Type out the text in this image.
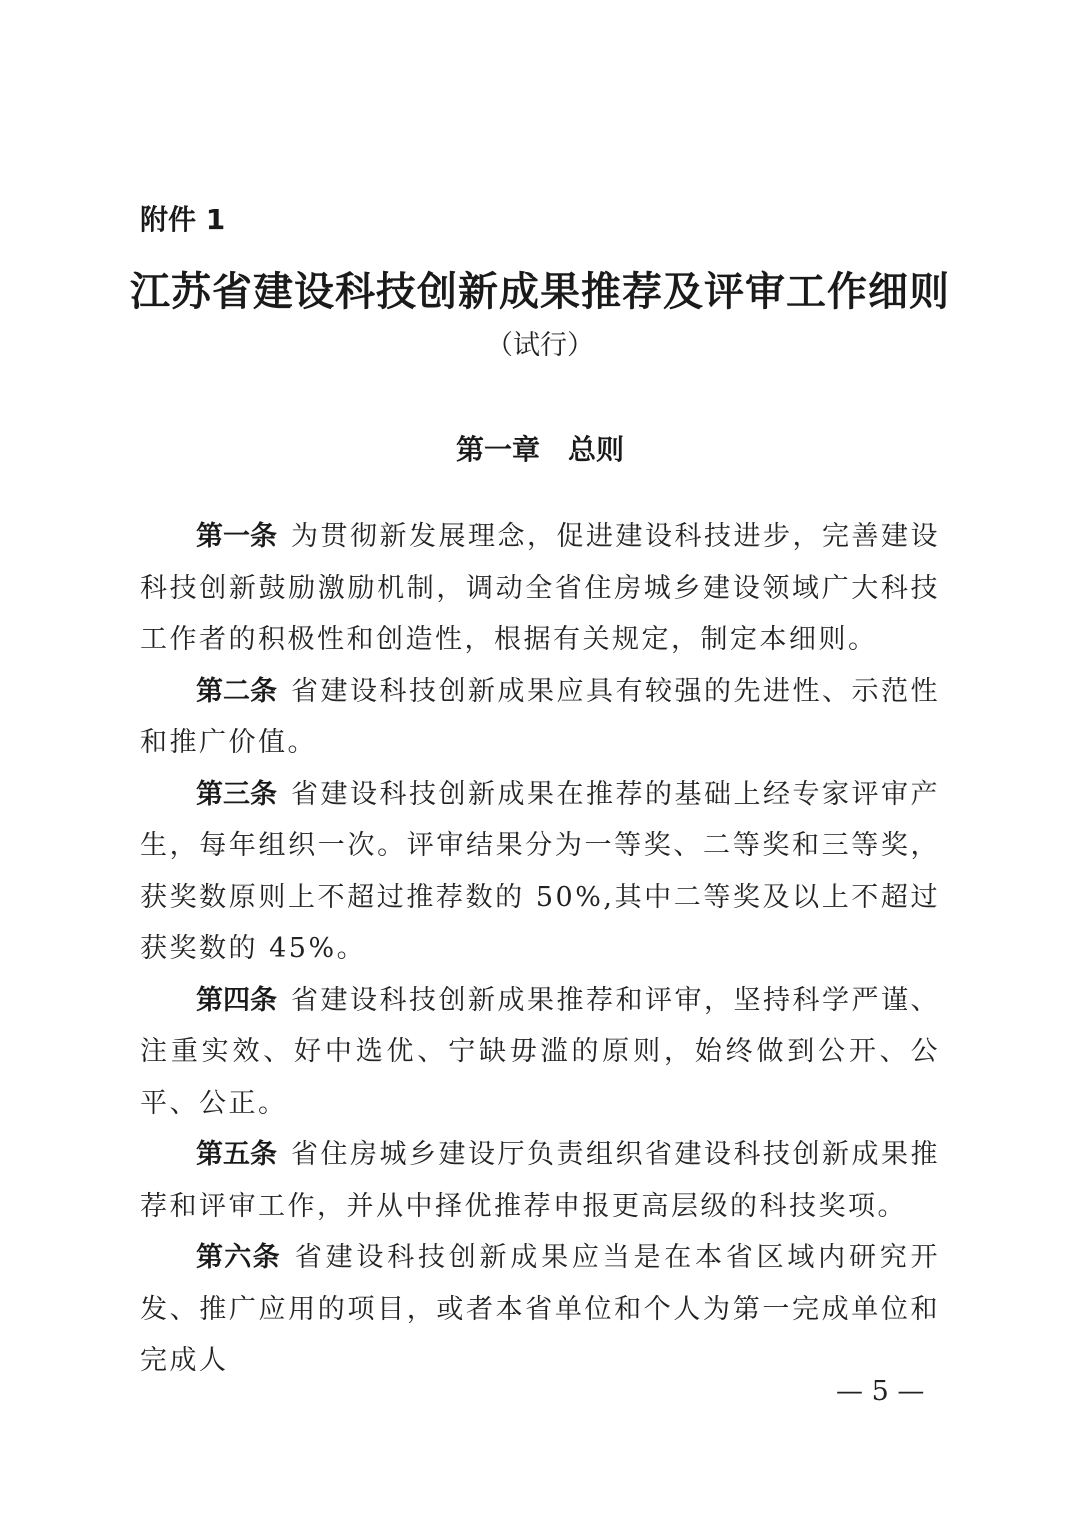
附件 1
江苏省建设科技创新成果推荐及评审工作细则
（试行）
第一章　总则

第一条 为贯彻新发展理念，促进建设科技进步，完善建设科技创新鼓励激励机制，调动全省住房城乡建设领域广大科技工作者的积极性和创造性，根据有关规定，制定本细则。

第二条 省建设科技创新成果应具有较强的先进性、示范性和推广价值。

第三条 省建设科技创新成果在推荐的基础上经专家评审产生，每年组织一次。评审结果分为一等奖、二等奖和三等奖，获奖数原则上不超过推荐数的 50%,其中二等奖及以上不超过获奖数的 45%。

第四条 省建设科技创新成果推荐和评审，坚持科学严谨、注重实效、好中选优、宁缺毋滥的原则，始终做到公开、公平、公正。

第五条 省住房城乡建设厅负责组织省建设科技创新成果推荐和评审工作，并从中择优推荐申报更高层级的科技奖项。

第六条 省建设科技创新成果应当是在本省区域内研究开发、推广应用的项目，或者本省单位和个人为第一完成单位和完成人

— 5 —
